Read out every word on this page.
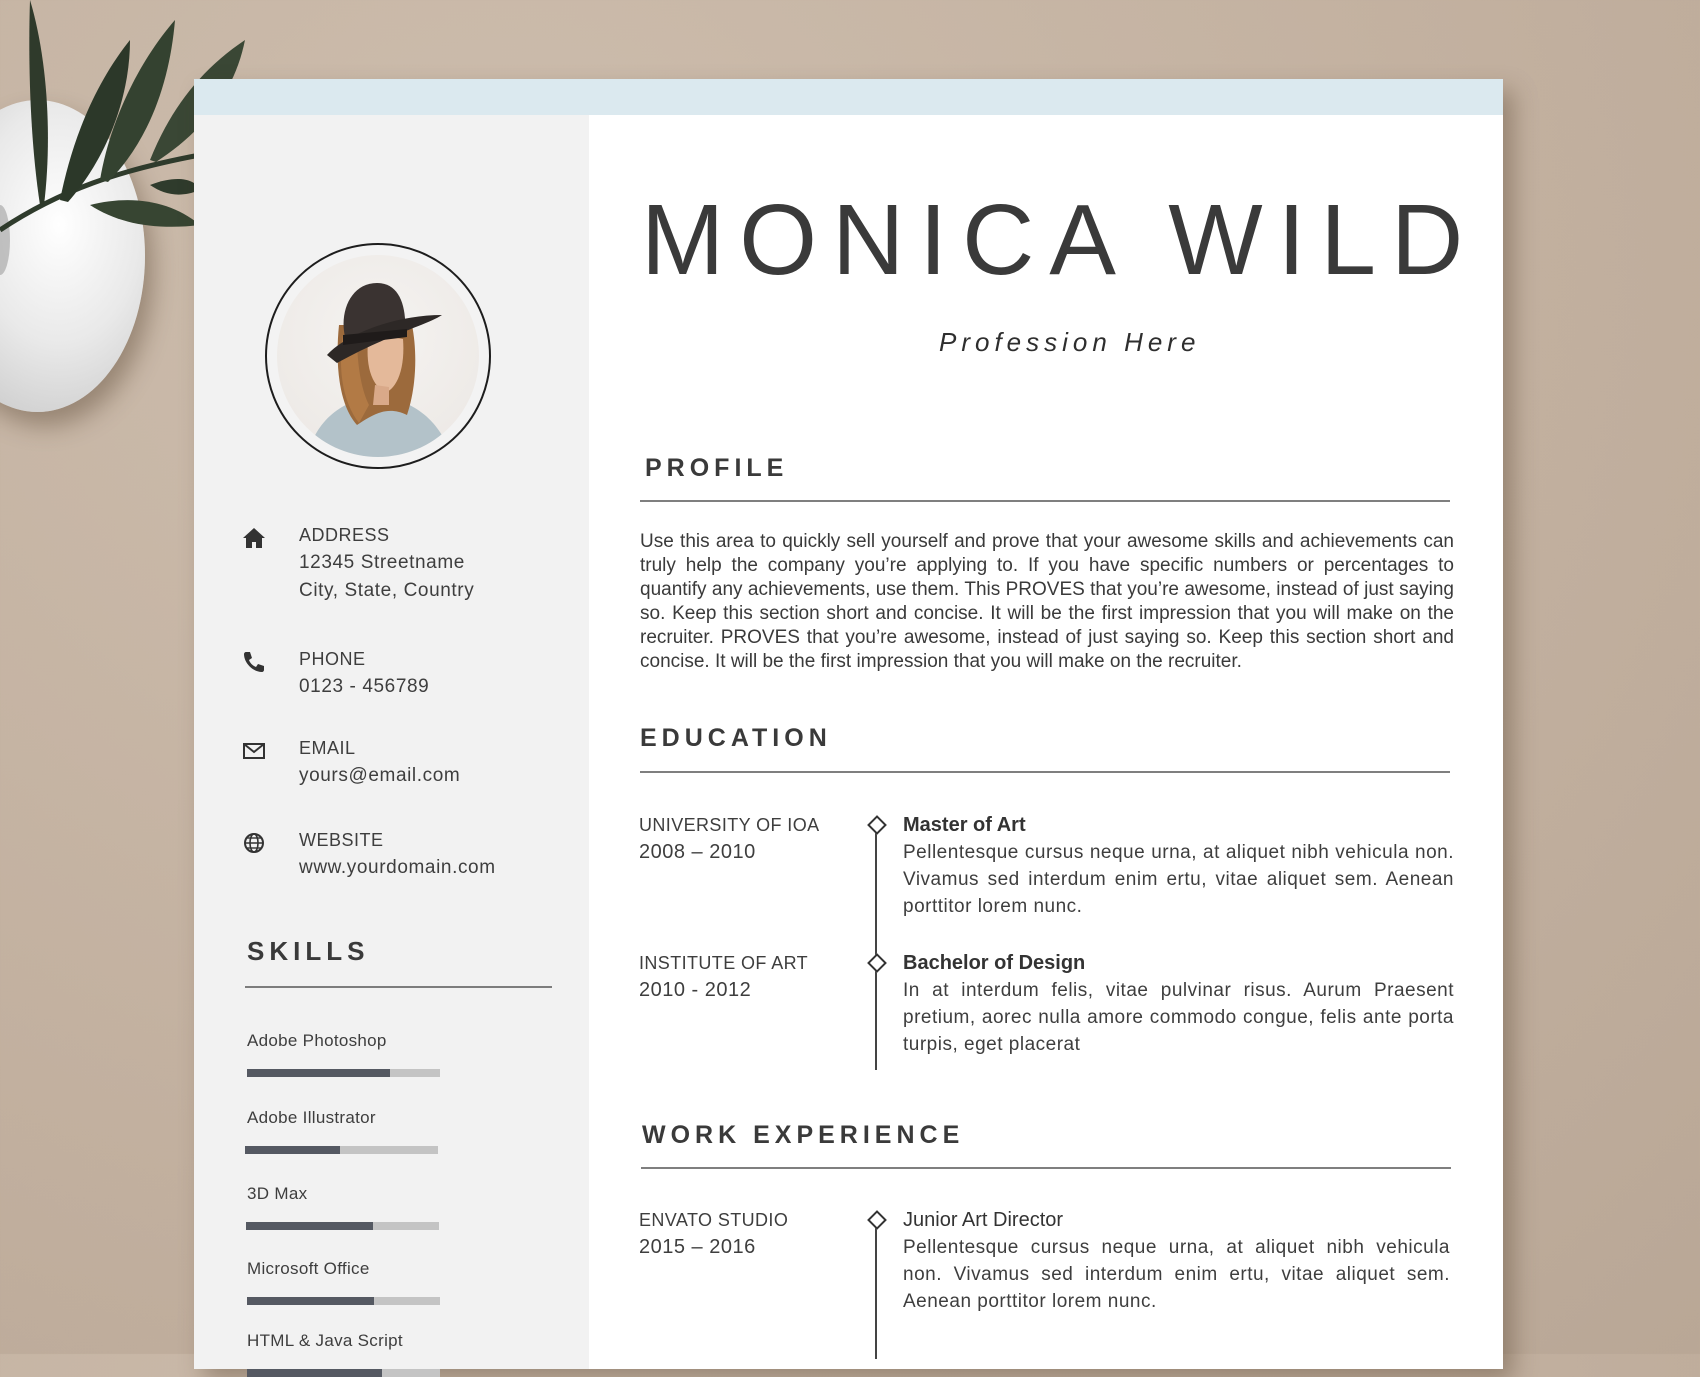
ADDRESS
12345 Streetname
City, State, Country
PHONE
0123 - 456789
EMAIL
yours@email.com
WEBSITE
www.yourdomain.com
SKILLS
Adobe Photoshop
Adobe Illustrator
3D Max
Microsoft Office
HTML & Java Script
MONICA WILD
Profession Here
PROFILE
Use this area to quickly sell yourself and prove that your awesome skills and achievements can truly help the company you’re applying to. If you have specific numbers or percentages to quantify any achievements, use them. This PROVES that you’re awesome, instead of just saying so. Keep this section short and concise. It will be the first impression that you will make on the recruiter. PROVES that you’re awesome, instead of just saying so. Keep this section short and concise. It will be the first impression that you will make on the recruiter.
EDUCATION
UNIVERSITY OF IOA
2008 – 2010
Master of Art
Pellentesque cursus neque urna, at aliquet nibh vehicula non. Vivamus sed interdum enim ertu, vitae aliquet sem. Aenean porttitor lorem nunc.
INSTITUTE OF ART
2010 - 2012
Bachelor of Design
In at interdum felis, vitae pulvinar risus. Aurum Praesent pretium, aorec nulla amore commodo congue, felis ante porta turpis, eget placerat
WORK EXPERIENCE
ENVATO STUDIO
2015 – 2016
Junior Art Director
Pellentesque cursus neque urna, at aliquet nibh vehicula non. Vivamus sed interdum enim ertu, vitae aliquet sem. Aenean porttitor lorem nunc.
